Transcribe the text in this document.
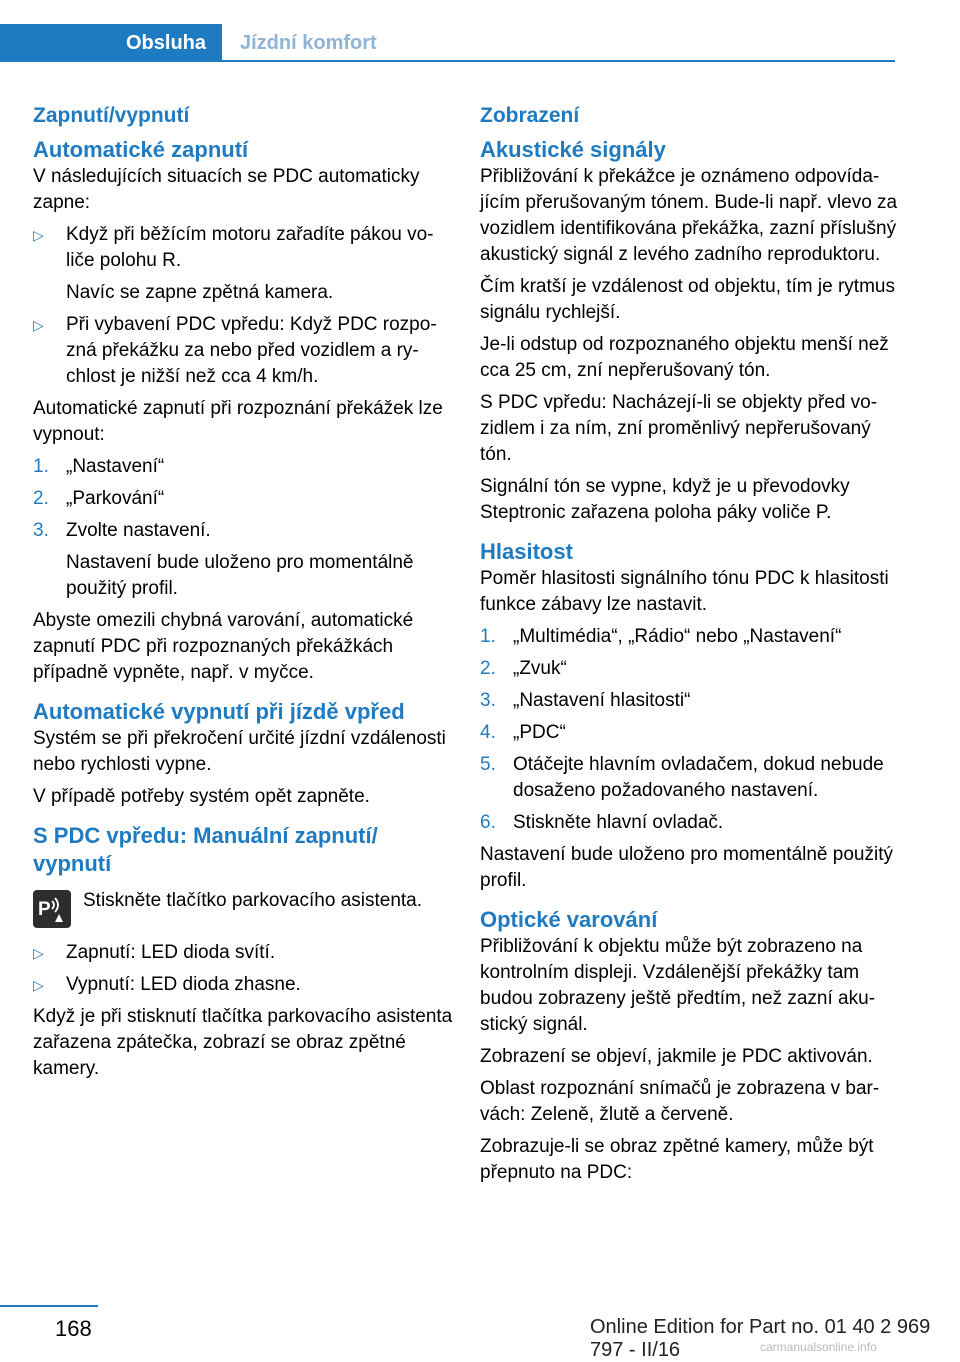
Obsluha	Jízdní komfort
Zapnutí/vypnutí
Automatické zapnutí

V následujících situacích se PDC automaticky zapne:

▷	Když při běžícím motoru zařadíte pákou voliče polohu R.

Navíc se zapne zpětná kamera.

▷	Při vybavení PDC vpředu: Když PDC rozpozná překážku za nebo před vozidlem a rychlost je nižší než cca 4 km/h.

Automatické zapnutí při rozpoznání překážek lze vypnout:

1. „Nastavení“

2. „Parkování“

3. Zvolte nastavení.

Nastavení bude uloženo pro momentálně použitý profil.

Abyste omezili chybná varování, automatické zapnutí PDC při rozpoznaných překážkách případně vypněte, např. v myčce.

Automatické vypnutí při jízdě vpřed

Systém se při překročení určité jízdní vzdálenosti nebo rychlosti vypne.

V případě potřeby systém opět zapněte.

S PDC vpředu: Manuální zapnutí/ vypnutí
P Stiskněte tlačítko parkovacího asistenta.

▷	Zapnutí: LED dioda svítí.

▷	Vypnutí: LED dioda zhasne.

Když je při stisknutí tlačítka parkovacího asistenta zařazena zpátečka, zobrazí se obraz zpětné kamery.

Zobrazení
Akustické signály

Přibližování k překážce je oznámeno odpovídajícím přerušovaným tónem. Bude-li např. vlevo za vozidlem identifikována překážka, zazní příslušný akustický signál z levého zadního reproduktoru.

Čím kratší je vzdálenost od objektu, tím je rytmus signálu rychlejší.

Je-li odstup od rozpoznaného objektu menší než cca 25 cm, zní nepřerušovaný tón.

S PDC vpředu: Nacházejí-li se objekty před vozidlem i za ním, zní proměnlivý nepřerušovaný tón.

Signální tón se vypne, když je u převodovky Steptronic zařazena poloha páky voliče P.

Hlasitost

Poměr hlasitosti signálního tónu PDC k hlasitosti funkce zábavy lze nastavit.

1. „Multimédia“, „Rádio“ nebo „Nastavení“

2. „Zvuk“

3. „Nastavení hlasitosti“

4. „PDC“

5. Otáčejte hlavním ovladačem, dokud nebude dosaženo požadovaného nastavení.

6. Stiskněte hlavní ovladač.

Nastavení bude uloženo pro momentálně použitý profil.

Optické varování

Přibližování k objektu může být zobrazeno na kontrolním displeji. Vzdálenější překážky tam budou zobrazeny ještě předtím, než zazní akustický signál.

Zobrazení se objeví, jakmile je PDC aktivován.

Oblast rozpoznání snímačů je zobrazena v barvách: Zeleně, žlutě a červeně.

Zobrazuje-li se obraz zpětné kamery, může být přepnuto na PDC:

168	Online Edition for Part no. 01 40 2 969 797 - II/16	carmanualsonline.info
